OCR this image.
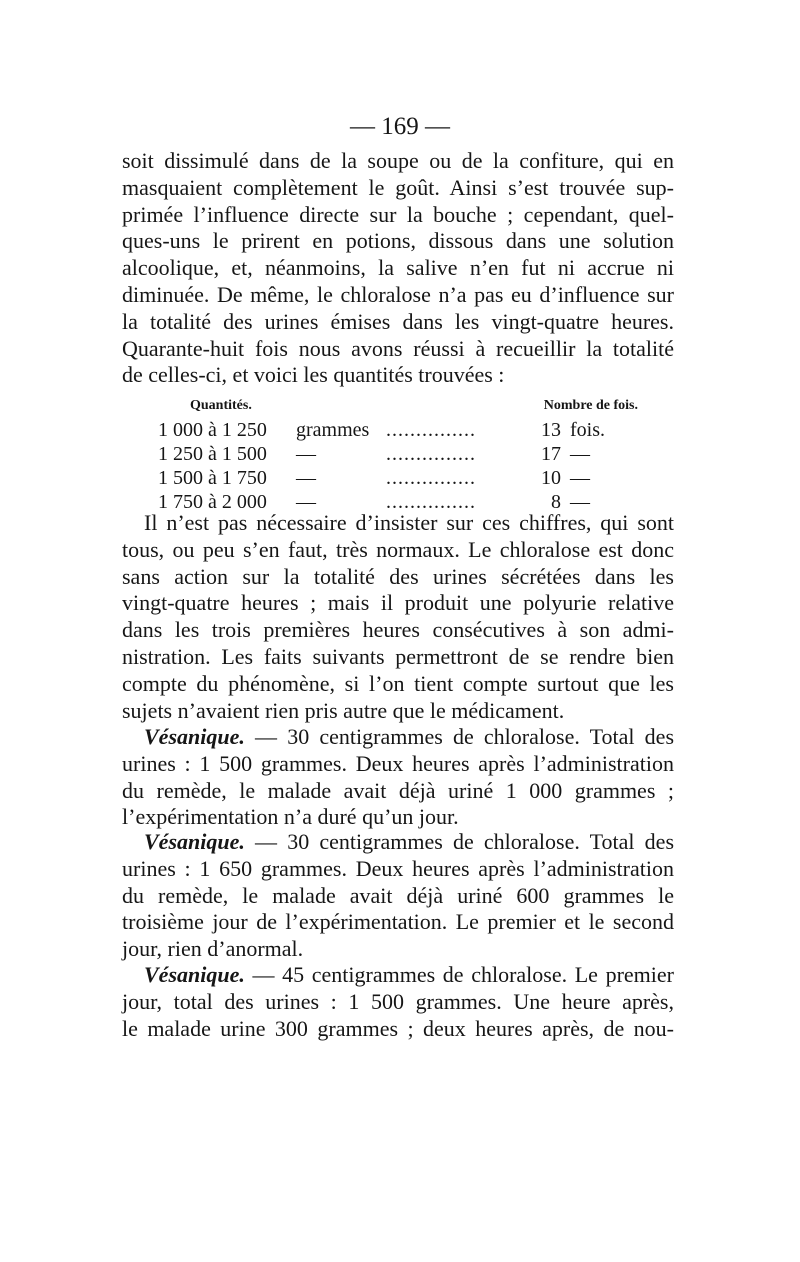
— 169 —
soit dissimulé dans de la soupe ou de la confiture, qui en
masquaient complètement le goût. Ainsi s’est trouvée sup-
primée l’influence directe sur la bouche ; cependant, quel-
ques-uns le prirent en potions, dissous dans une solution
alcoolique, et, néanmoins, la salive n’en fut ni accrue ni
diminuée. De même, le chloralose n’a pas eu d’influence sur
la totalité des urines émises dans les vingt-quatre heures.
Quarante-huit fois nous avons réussi à recueillir la totalité
de celles-ci, et voici les quantités trouvées :
Quantités.	Nombre de fois.
1 000 à 1 250 grammes ...............	13 fois.
1 250 à 1 500 —	...............	17 —
1 500 à 1 750 —	...............	10 —
1 750 à 2 000 —	...............	8 —
Il n’est pas nécessaire d’insister sur ces chiffres, qui sont
tous, ou peu s’en faut, très normaux. Le chloralose est donc
sans action sur la totalité des urines sécrétées dans les
vingt-quatre heures ; mais il produit une polyurie relative
dans les trois premières heures consécutives à son admi-
nistration. Les faits suivants permettront de se rendre bien
compte du phénomène, si l’on tient compte surtout que les
sujets n’avaient rien pris autre que le médicament.
Vésanique. — 30 centigrammes de chloralose. Total des
urines : 1 500 grammes. Deux heures après l’administration
du remède, le malade avait déjà uriné 1 000 grammes ;
l’expérimentation n’a duré qu’un jour.
Vésanique. — 30 centigrammes de chloralose. Total des
urines : 1 650 grammes. Deux heures après l’administration
du remède, le malade avait déjà uriné 600 grammes le
troisième jour de l’expérimentation. Le premier et le second
jour, rien d’anormal.
Vésanique. — 45 centigrammes de chloralose. Le premier
jour, total des urines : 1 500 grammes. Une heure après,
le malade urine 300 grammes ; deux heures après, de nou-
